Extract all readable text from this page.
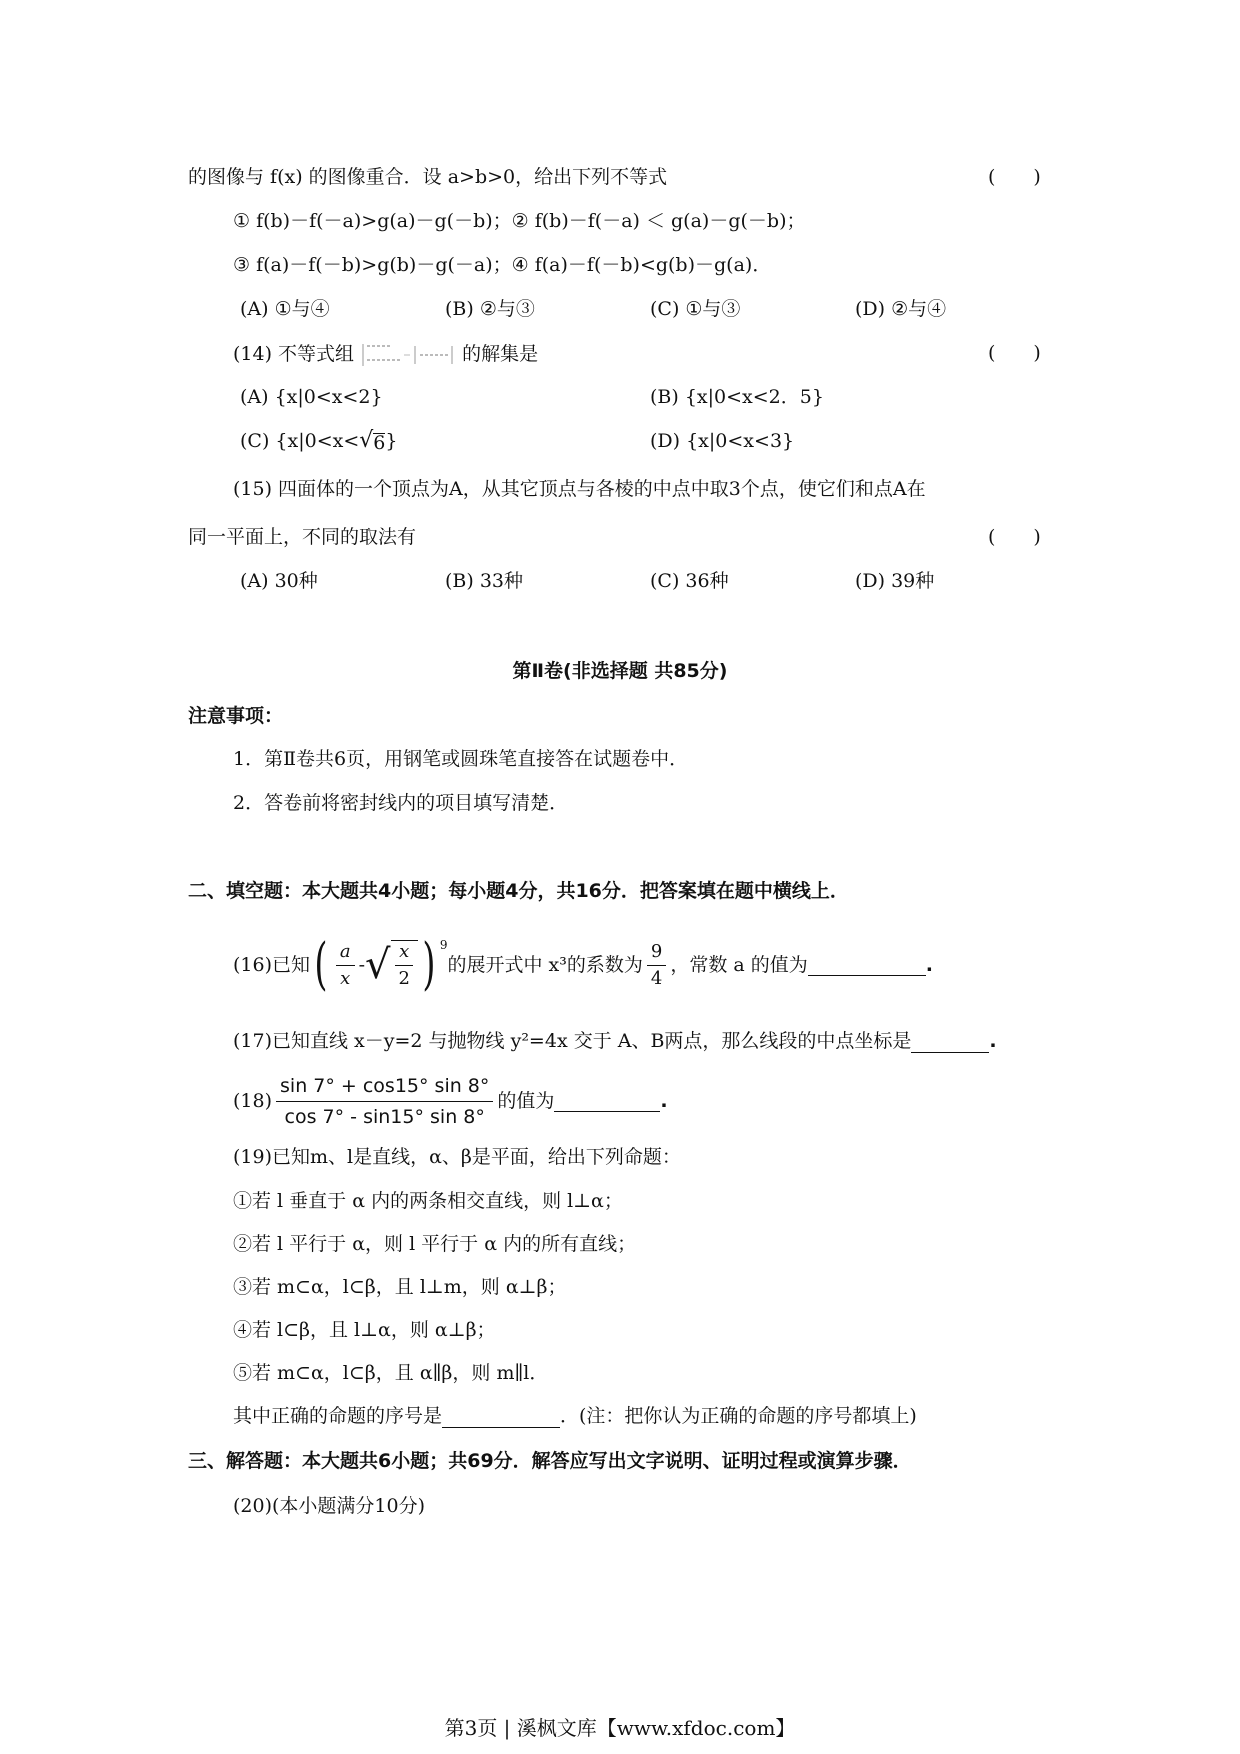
的图像与 f(x) 的图像重合．设 a>b>0，给出下列不等式	(　　)
① f(b)－f(－a)>g(a)－g(－b)；② f(b)－f(－a) ＜ g(a)－g(－b)；
③ f(a)－f(－b)>g(b)－g(－a)；④ f(a)－f(－b)<g(b)－g(a)．
(A) ①与④	(B) ②与③	(C) ①与③	(D) ②与④
(14) 不等式组	的解集是	(　　)
(A) {x|0<x<2}	(B) {x|0<x<2．5}
(C) {x|0<x< √ 6 }	(D) {x|0<x<3}
(15) 四面体的一个顶点为A，从其它顶点与各棱的中点中取3个点，使它们和点A在
同一平面上，不同的取法有	(　　)
(A) 30种	(B) 33种	(C) 36种	(D) 39种
第Ⅱ卷(非选择题 共85分)
注意事项：
1．第Ⅱ卷共6页，用钢笔或圆珠笔直接答在试题卷中．
2．答卷前将密封线内的项目填写清楚．
二、填空题：本大题共4小题；每小题4分，共16分．把答案填在题中横线上．
(16)已知 ( $\frac{a}{x}$ - √ $\frac{x}{2}$ ) 9
的展开式中 x³的系数为 $\frac{9}{4}$ ，常数 a 的值为	.
(17)已知直线 x－y=2 与抛物线 y²=4x 交于 A、B两点，那么线段的中点坐标是	.
$(18) \frac{\sin 7^\circ + \cos 15^\circ \sin 8^\circ}{\cos 7^\circ - \sin 15^\circ \sin 8^\circ}$ 的值为	.
(19)已知m、l是直线，α、β是平面，给出下列命题：
①若 l 垂直于 α 内的两条相交直线，则 l⊥α；
②若 l 平行于 α，则 l 平行于 α 内的所有直线；
③若 m⊂α，l⊂β，且 l⊥m，则 α⊥β；
④若 l⊂β，且 l⊥α，则 α⊥β；
⑤若 m⊂α，l⊂β，且 α∥β，则 m∥l．
其中正确的命题的序号是	．(注：把你认为正确的命题的序号都填上)
三、解答题：本大题共6小题；共69分．解答应写出文字说明、证明过程或演算步骤．
(20)(本小题满分10分)
第3页 | 溪枫文库【www.xfdoc.com】
